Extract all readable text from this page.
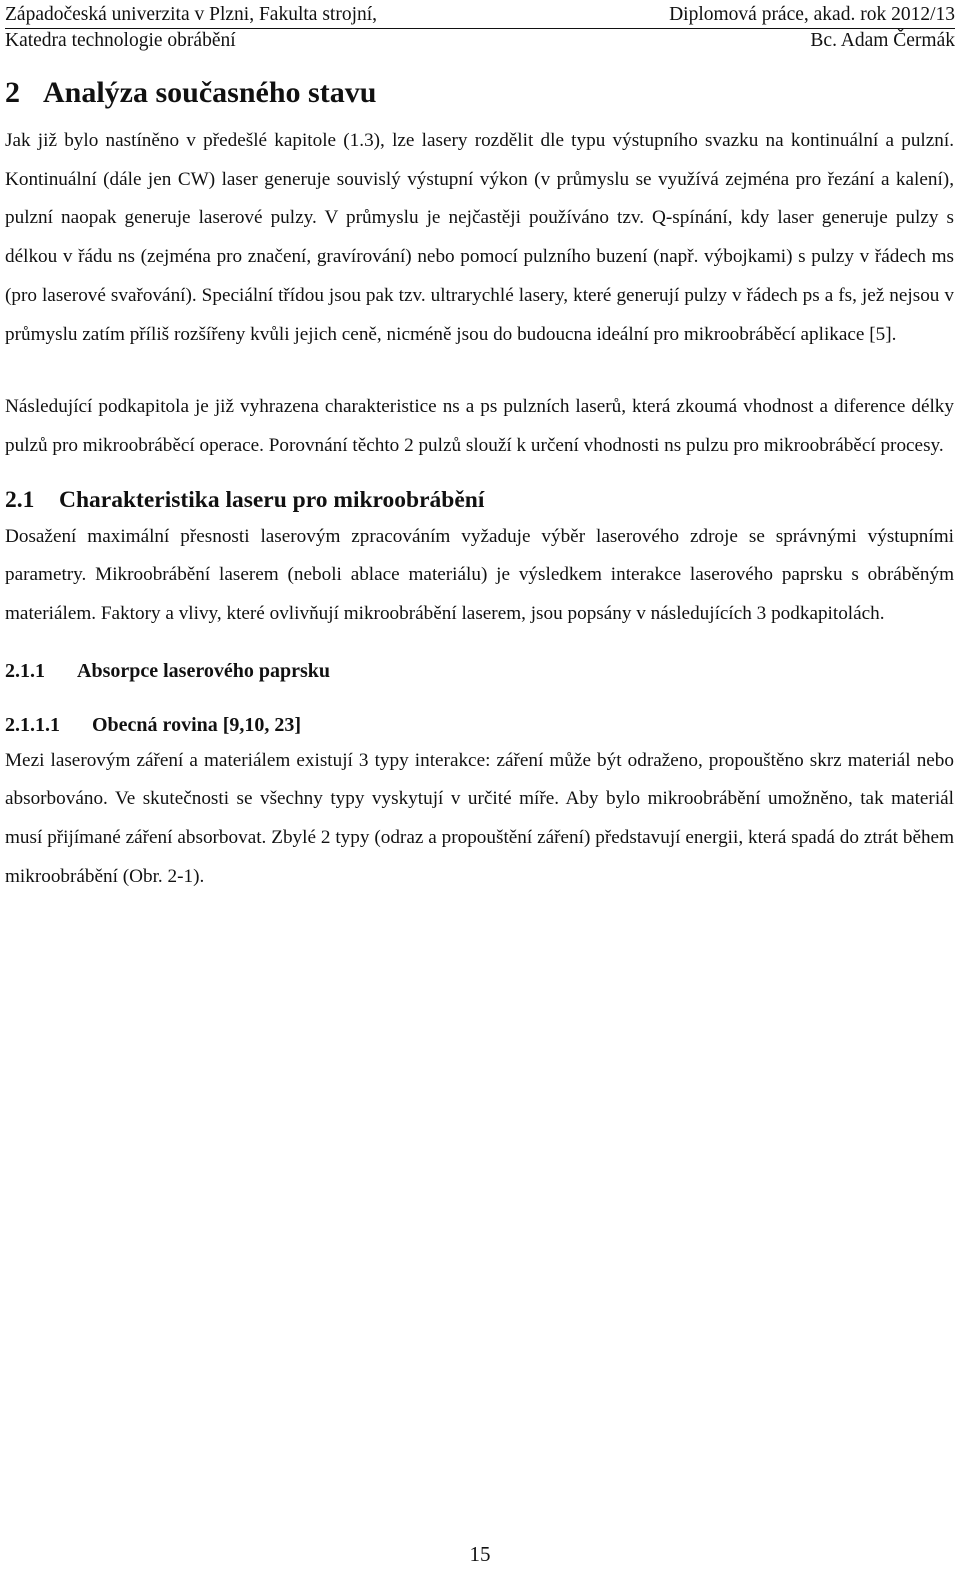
Západočeská univerzita v Plzni, Fakulta strojní,	Diplomová práce, akad. rok 2012/13
Katedra technologie obrábění	Bc. Adam Čermák
2 Analýza současného stavu

Jak již bylo nastíněno v předešlé kapitole (1.3), lze lasery rozdělit dle typu výstupního svazku na kontinuální a pulzní. Kontinuální (dále jen CW) laser generuje souvislý výstupní výkon (v průmyslu se využívá zejména pro řezání a kalení), pulzní naopak generuje laserové pulzy. V průmyslu je nejčastěji používáno tzv. Q-spínání, kdy laser generuje pulzy s délkou v řádu ns (zejména pro značení, gravírování) nebo pomocí pulzního buzení (např. výbojkami) s pulzy v řádech ms (pro laserové svařování). Speciální třídou jsou pak tzv. ultrarychlé lasery, které generují pulzy v řádech ps a fs, jež nejsou v průmyslu zatím příliš rozšířeny kvůli jejich ceně, nicméně jsou do budoucna ideální pro mikroobráběcí aplikace [5].

Následující podkapitola je již vyhrazena charakteristice ns a ps pulzních laserů, která zkoumá vhodnost a diference délky pulzů pro mikroobráběcí operace. Porovnání těchto 2 pulzů slouží k určení vhodnosti ns pulzu pro mikroobráběcí procesy.

2.1 Charakteristika laseru pro mikroobrábění

Dosažení maximální přesnosti laserovým zpracováním vyžaduje výběr laserového zdroje se správnými výstupními parametry. Mikroobrábění laserem (neboli ablace materiálu) je výsledkem interakce laserového paprsku s obráběným materiálem. Faktory a vlivy, které ovlivňují mikroobrábění laserem, jsou popsány v následujících 3 podkapitolách.

2.1.1 Absorpce laserového paprsku
2.1.1.1 Obecná rovina [9,10, 23]

Mezi laserovým záření a materiálem existují 3 typy interakce: záření může být odraženo, propouštěno skrz materiál nebo absorbováno. Ve skutečnosti se všechny typy vyskytují v určité míře. Aby bylo mikroobrábění umožněno, tak materiál musí přijímané záření absorbovat. Zbylé 2 typy (odraz a propouštění záření) představují energii, která spadá do ztrát během mikroobrábění (Obr. 2-1).

15
